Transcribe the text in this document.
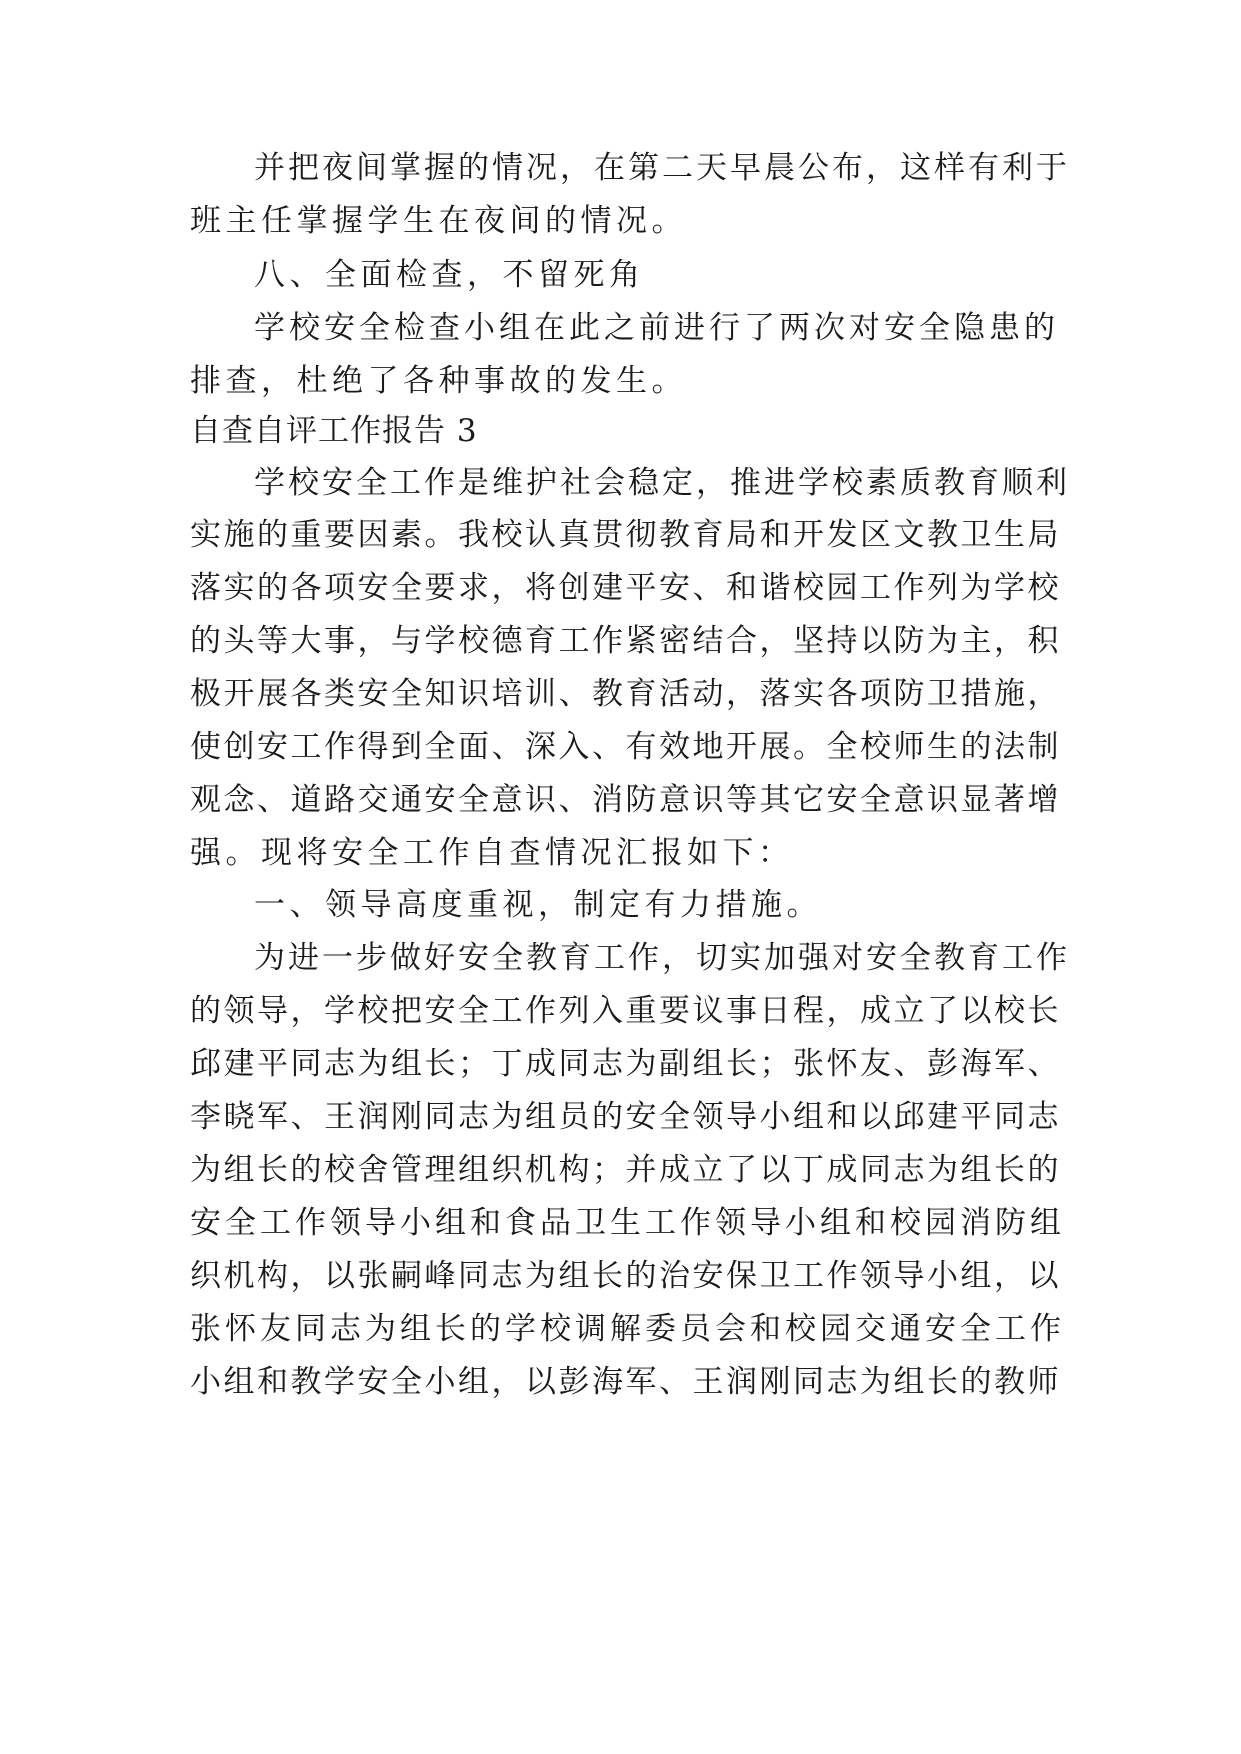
并把夜间掌握的情况，在第二天早晨公布，这样有利于
班主任掌握学生在夜间的情况。
八、全面检查，不留死角
学校安全检查小组在此之前进行了两次对安全隐患的
排查，杜绝了各种事故的发生。
自查自评工作报告 3
学校安全工作是维护社会稳定，推进学校素质教育顺利
实施的重要因素。我校认真贯彻教育局和开发区文教卫生局
落实的各项安全要求，将创建平安、和谐校园工作列为学校
的头等大事，与学校德育工作紧密结合，坚持以防为主，积
极开展各类安全知识培训、教育活动，落实各项防卫措施，
使创安工作得到全面、深入、有效地开展。全校师生的法制
观念、道路交通安全意识、消防意识等其它安全意识显著增
强。现将安全工作自查情况汇报如下：
一、领导高度重视，制定有力措施。
为进一步做好安全教育工作，切实加强对安全教育工作
的领导，学校把安全工作列入重要议事日程，成立了以校长
邱建平同志为组长；丁成同志为副组长；张怀友、彭海军、
李晓军、王润刚同志为组员的安全领导小组和以邱建平同志
为组长的校舍管理组织机构；并成立了以丁成同志为组长的
安全工作领导小组和食品卫生工作领导小组和校园消防组
织机构，以张嗣峰同志为组长的治安保卫工作领导小组，以
张怀友同志为组长的学校调解委员会和校园交通安全工作
小组和教学安全小组，以彭海军、王润刚同志为组长的教师
